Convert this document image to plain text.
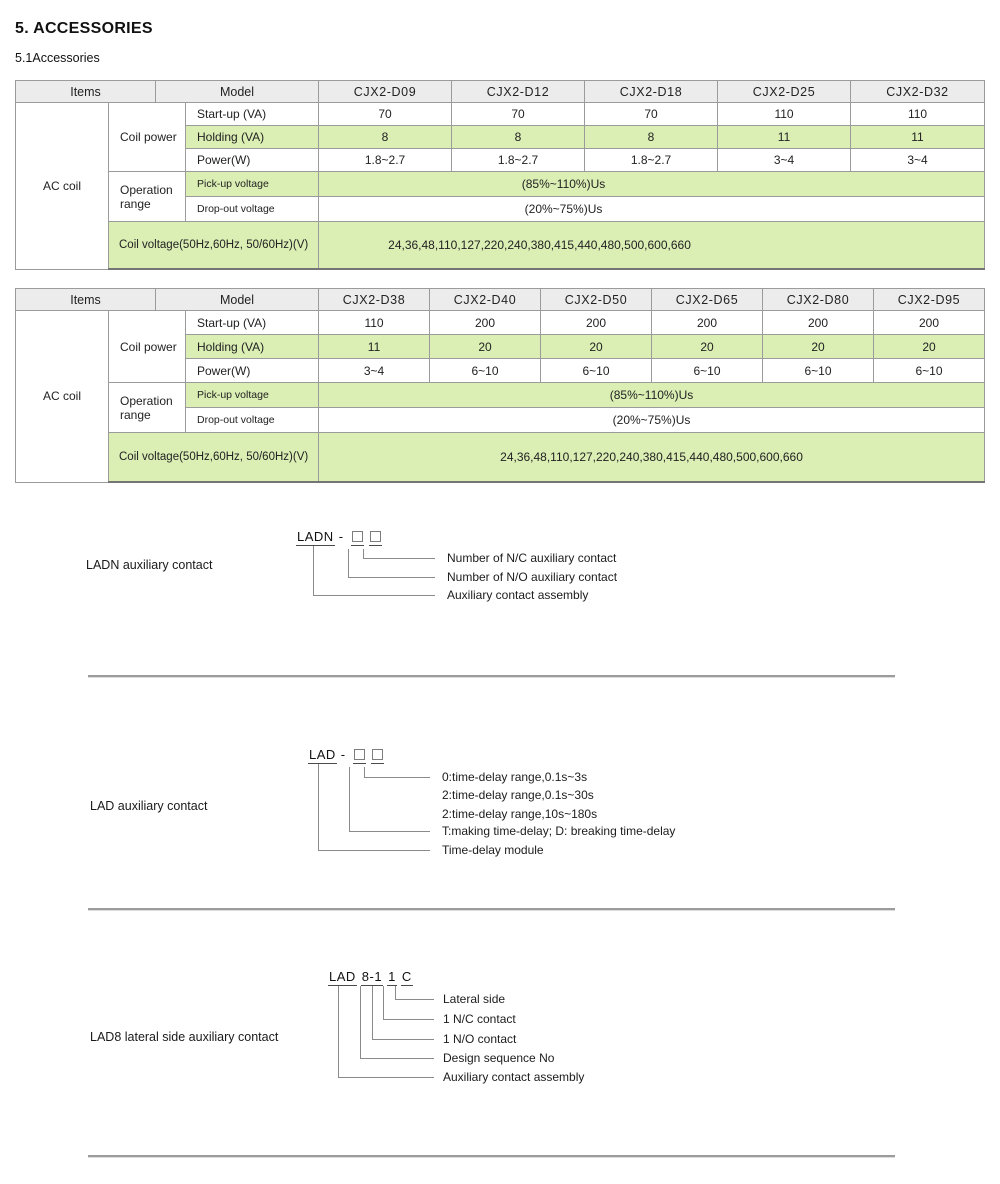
5. ACCESSORIES
5.1Accessories
Items		Model		CJX2-D09	CJX2-D12	CJX2-D18	CJX2-D25	CJX2-D32
AC coil	Coil power		Start-up (VA)	70	70	70	110	110
			Holding (VA)	8	8	8	11	11
			Power(W)	1.8~2.7	1.8~2.7	1.8~2.7	3~4	3~4
	Operation range		Pick-up voltage	(85%~110%)Us				
			Drop-out voltage	(20%~75%)Us				
	Coil voltage(50Hz,60Hz, 50/60Hz)(V)			24,36,48,110,127,220,240,380,415,440,480,500,600,660				
Items		Model		CJX2-D38	CJX2-D40	CJX2-D50	CJX2-D65	CJX2-D80	CJX2-D95
AC coil	Coil power		Start-up (VA)	110	200	200	200	200	200
			Holding (VA)	11	20	20	20	20	20
			Power(W)	3~4	6~10	6~10	6~10	6~10	6~10
	Operation range		Pick-up voltage	(85%~110%)Us					
			Drop-out voltage	(20%~75%)Us					
	Coil voltage(50Hz,60Hz, 50/60Hz)(V)			24,36,48,110,127,220,240,380,415,440,480,500,600,660					
LADN auxiliary contact
LADN -
Number of N/C auxiliary contact
Number of N/O auxiliary contact
Auxiliary contact assembly
LAD auxiliary contact
LAD -
0:time-delay range,0.1s~3s
2:time-delay range,0.1s~30s
2:time-delay range,10s~180s
T:making time-delay; D: breaking time-delay
Time-delay module
LAD8 lateral side auxiliary contact
LAD 8-1 1 C
Lateral side
1 N/C contact
1 N/O contact
Design sequence No
Auxiliary contact assembly
